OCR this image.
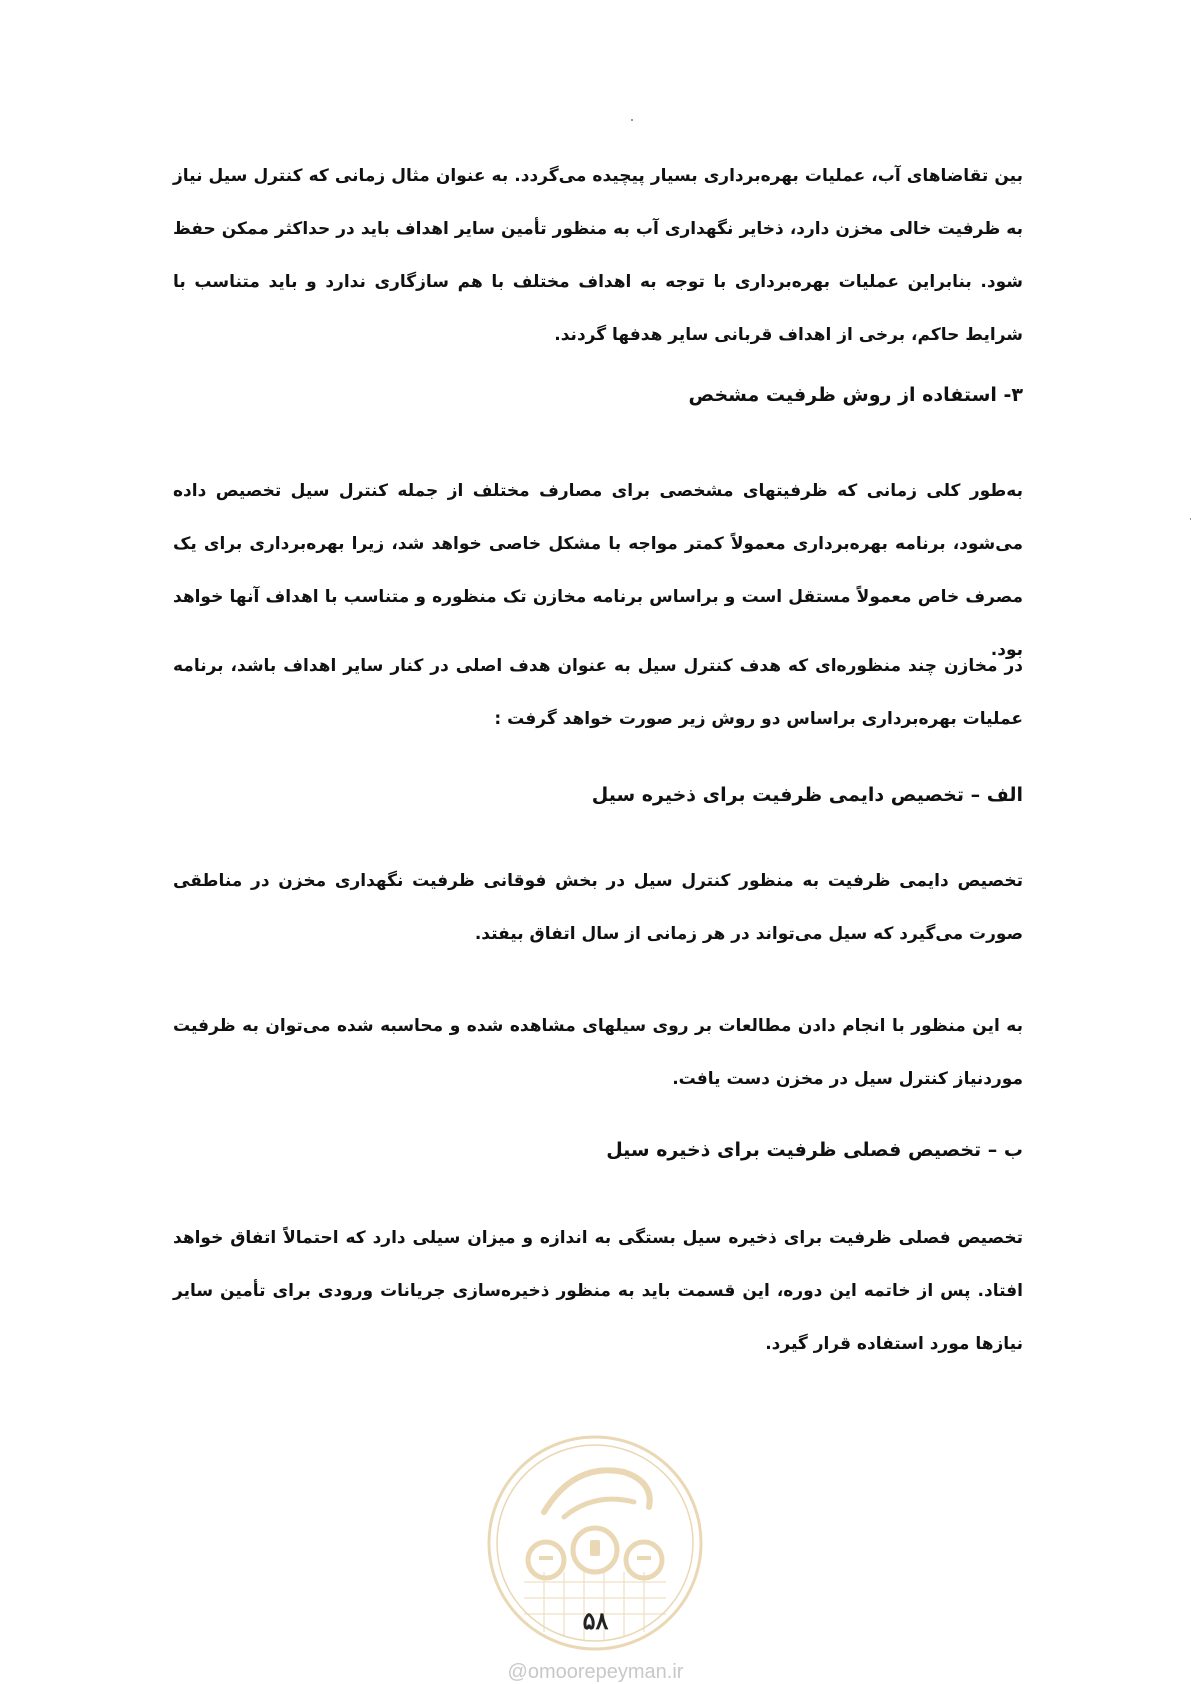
بین تقاضاهای آب، عملیات بهره‌برداری بسیار پیچیده می‌گردد. به عنوان مثال زمانی که کنترل سیل نیاز به ظرفیت خالی مخزن دارد، ذخایر نگهداری آب به منظور تأمین سایر اهداف باید در حداکثر ممکن حفظ شود. بنابراین عملیات بهره‌برداری با توجه به اهداف مختلف با هم سازگاری ندارد و باید متناسب با شرایط حاکم، برخی از اهداف قربانی سایر هدفها گردند.

۳- استفاده از روش ظرفیت مشخص

به‌طور کلی زمانی که ظرفیتهای مشخصی برای مصارف مختلف از جمله کنترل سیل تخصیص داده می‌شود، برنامه بهره‌برداری معمولاً کمتر مواجه با مشکل خاصی خواهد شد، زیرا بهره‌برداری برای یک مصرف خاص معمولاً مستقل است و براساس برنامه مخازن تک منظوره و متناسب با اهداف آنها خواهد بود.

در مخازن چند منظوره‌ای که هدف کنترل سیل به عنوان هدف اصلی در کنار سایر اهداف باشد، برنامه عملیات بهره‌برداری براساس دو روش زیر صورت خواهد گرفت :

الف – تخصیص دایمی ظرفیت برای ذخیره سیل

تخصیص دایمی ظرفیت به منظور کنترل سیل در بخش فوقانی ظرفیت نگهداری مخزن در مناطقی صورت می‌گیرد که سیل می‌تواند در هر زمانی از سال اتفاق بیفتد.

به این منظور با انجام دادن مطالعات بر روی سیلهای مشاهده شده و محاسبه شده می‌توان به ظرفیت موردنیاز کنترل سیل در مخزن دست یافت.

ب – تخصیص فصلی ظرفیت برای ذخیره سیل

تخصیص فصلی ظرفیت برای ذخیره سیل بستگی به اندازه و میزان سیلی دارد که احتمالاً اتفاق خواهد افتاد. پس از خاتمه این دوره، این قسمت باید به منظور ذخیره‌سازی جریانات ورودی برای تأمین سایر نیازها مورد استفاده قرار گیرد.

۵۸
@omoorepeyman.ir
